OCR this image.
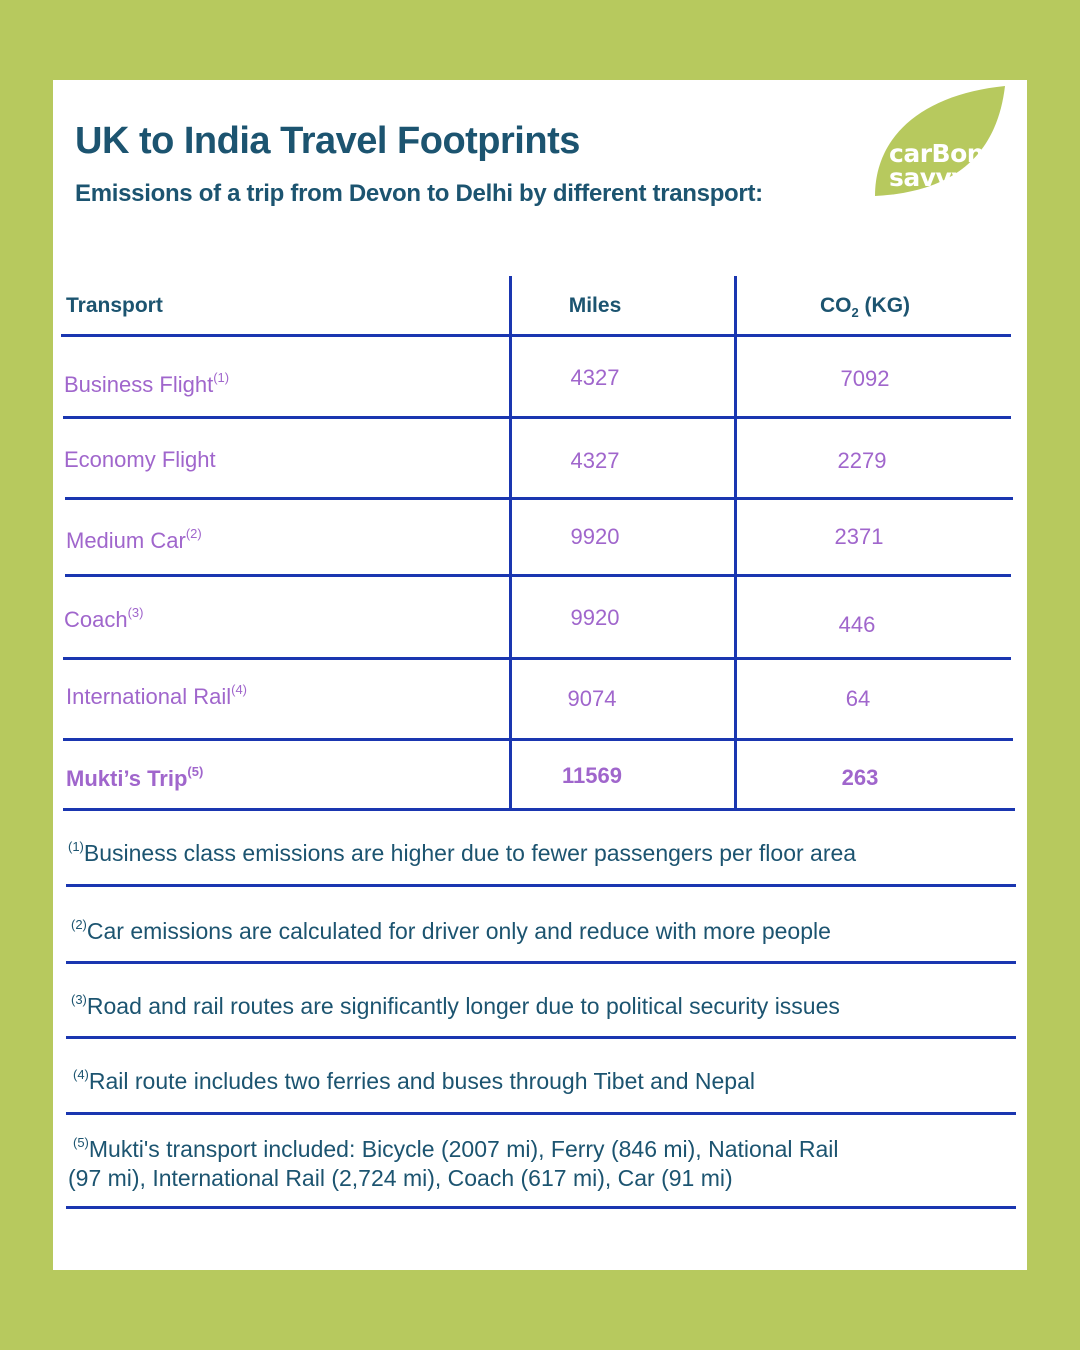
UK to India Travel Footprints
Emissions of a trip from Devon to Delhi by different transport:
carBon
savvy
Transport	Miles	$CO_2$ (KG)
Business Flight$^{(1)}$	4327	7092
Economy Flight	4327	2279
Medium Car$^{(2)}$	9920	2371
Coach$^{(3)}$	9920	446
International Rail$^{(4)}$	9074	64
Mukti’s Trip$^{(5)}$	11569	263
$^{(1)}$Business class emissions are higher due to fewer passengers per floor area
$^{(2)}$Car emissions are calculated for driver only and reduce with more people
$^{(3)}$Road and rail routes are significantly longer due to political security issues
$^{(4)}$Rail route includes two ferries and buses through Tibet and Nepal
$^{(5)}$Mukti's transport included: Bicycle (2007 mi), Ferry (846 mi), National Rail
(97 mi), International Rail (2,724 mi), Coach (617 mi), Car (91 mi)
